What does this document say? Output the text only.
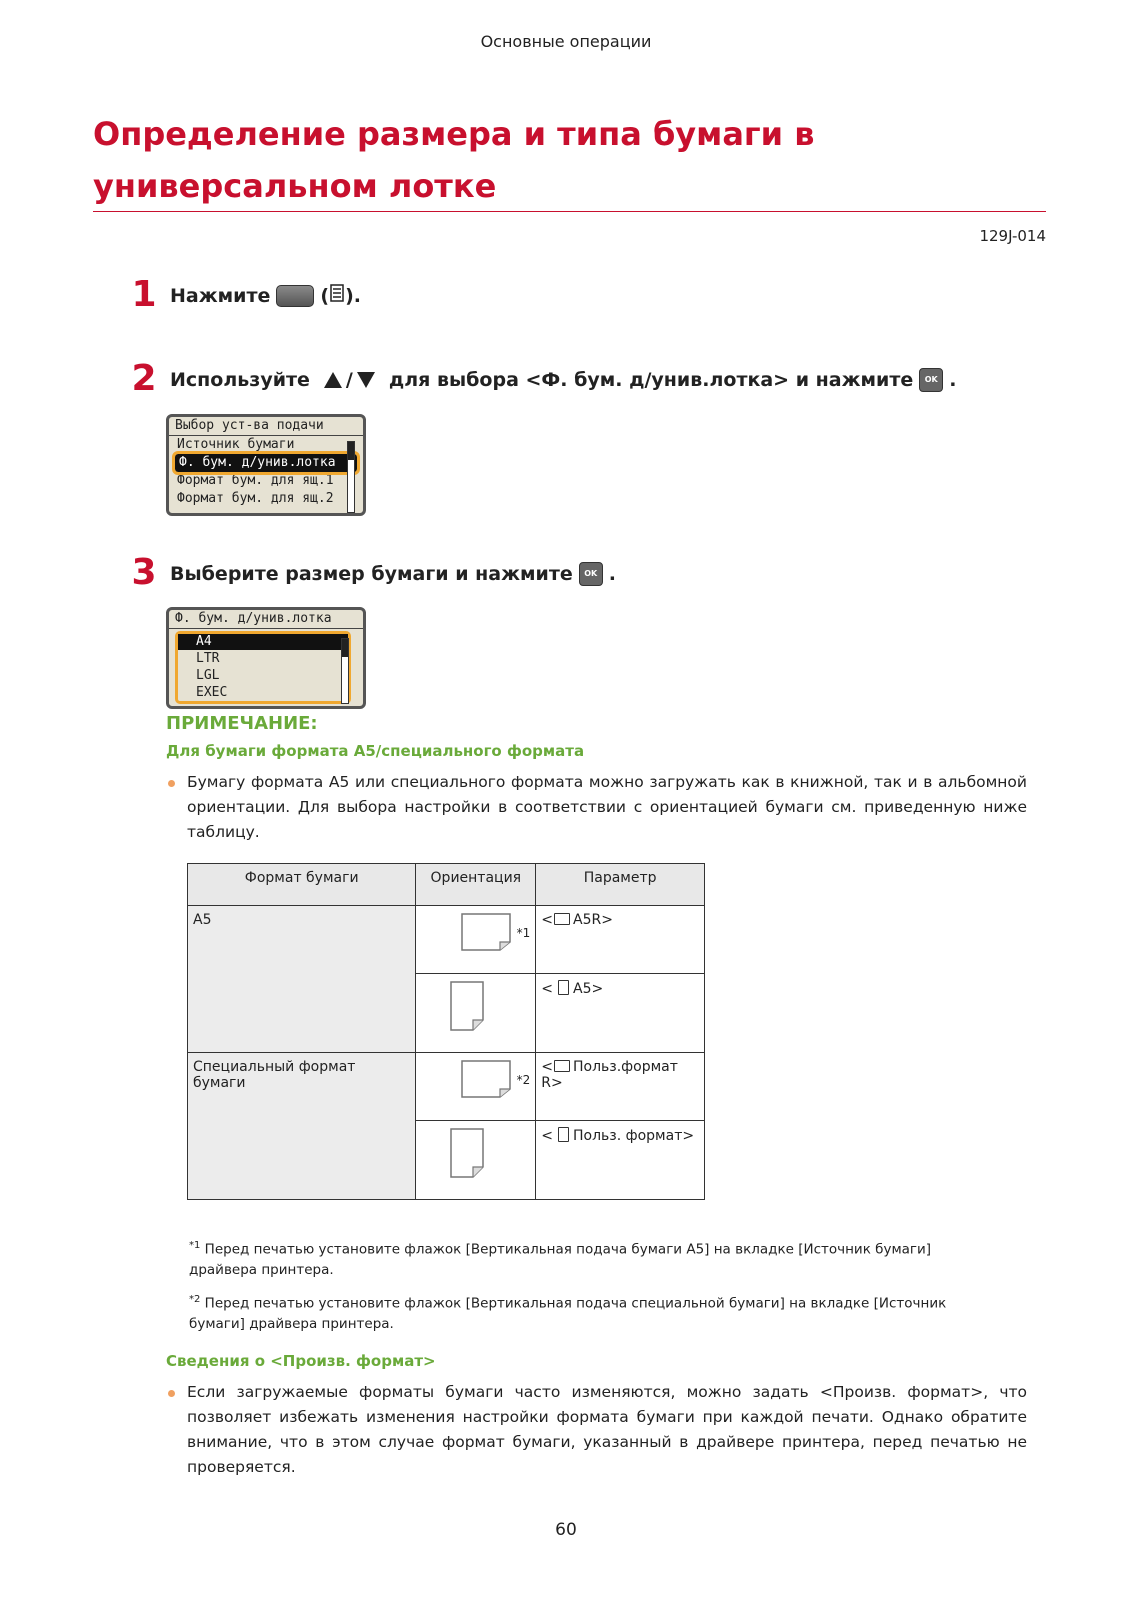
Основные операции
Определение размера и типа бумаги в
универсальном лотке
129J-014
1 Нажмите	( ).
2 Используйте / для выбора <Ф. бум. д/унив.лотка> и нажмите	OK .
Выбор уст-ва подачи
Источник бумаги
Ф. бум. д/унив.лотка
Формат бум. для ящ.1
Формат бум. для ящ.2
3 Выберите размер бумаги и нажмите	OK .
Ф. бум. д/унив.лотка
A4
LTR
LGL
EXEC
ПРИМЕЧАНИЕ:
Для бумаги формата A5/специального формата
Бумагу формата A5 или специального формата можно загружать как в книжной, так и в альбомной ориентации. Для выбора настройки в соответствии с ориентацией бумаги см. приведенную ниже таблицу.
Формат бумаги	Ориентация	Параметр
A5	*1	< A5R>

	< A5>
Специальный формат бумаги	*2	< Польз.формат R>

	< Польз. формат>
$^{*1}$ Перед печатью установите флажок [Вертикальная подача бумаги A5] на вкладке [Источник бумаги] драйвера принтера.
$^{*2}$ Перед печатью установите флажок [Вертикальная подача специальной бумаги] на вкладке [Источник бумаги] драйвера принтера.
Сведения о <Произв. формат>
Если загружаемые форматы бумаги часто изменяются, можно задать <Произв. формат>, что позволяет избежать изменения настройки формата бумаги при каждой печати. Однако обратите внимание, что в этом случае формат бумаги, указанный в драйвере принтера, перед печатью не проверяется.
60
